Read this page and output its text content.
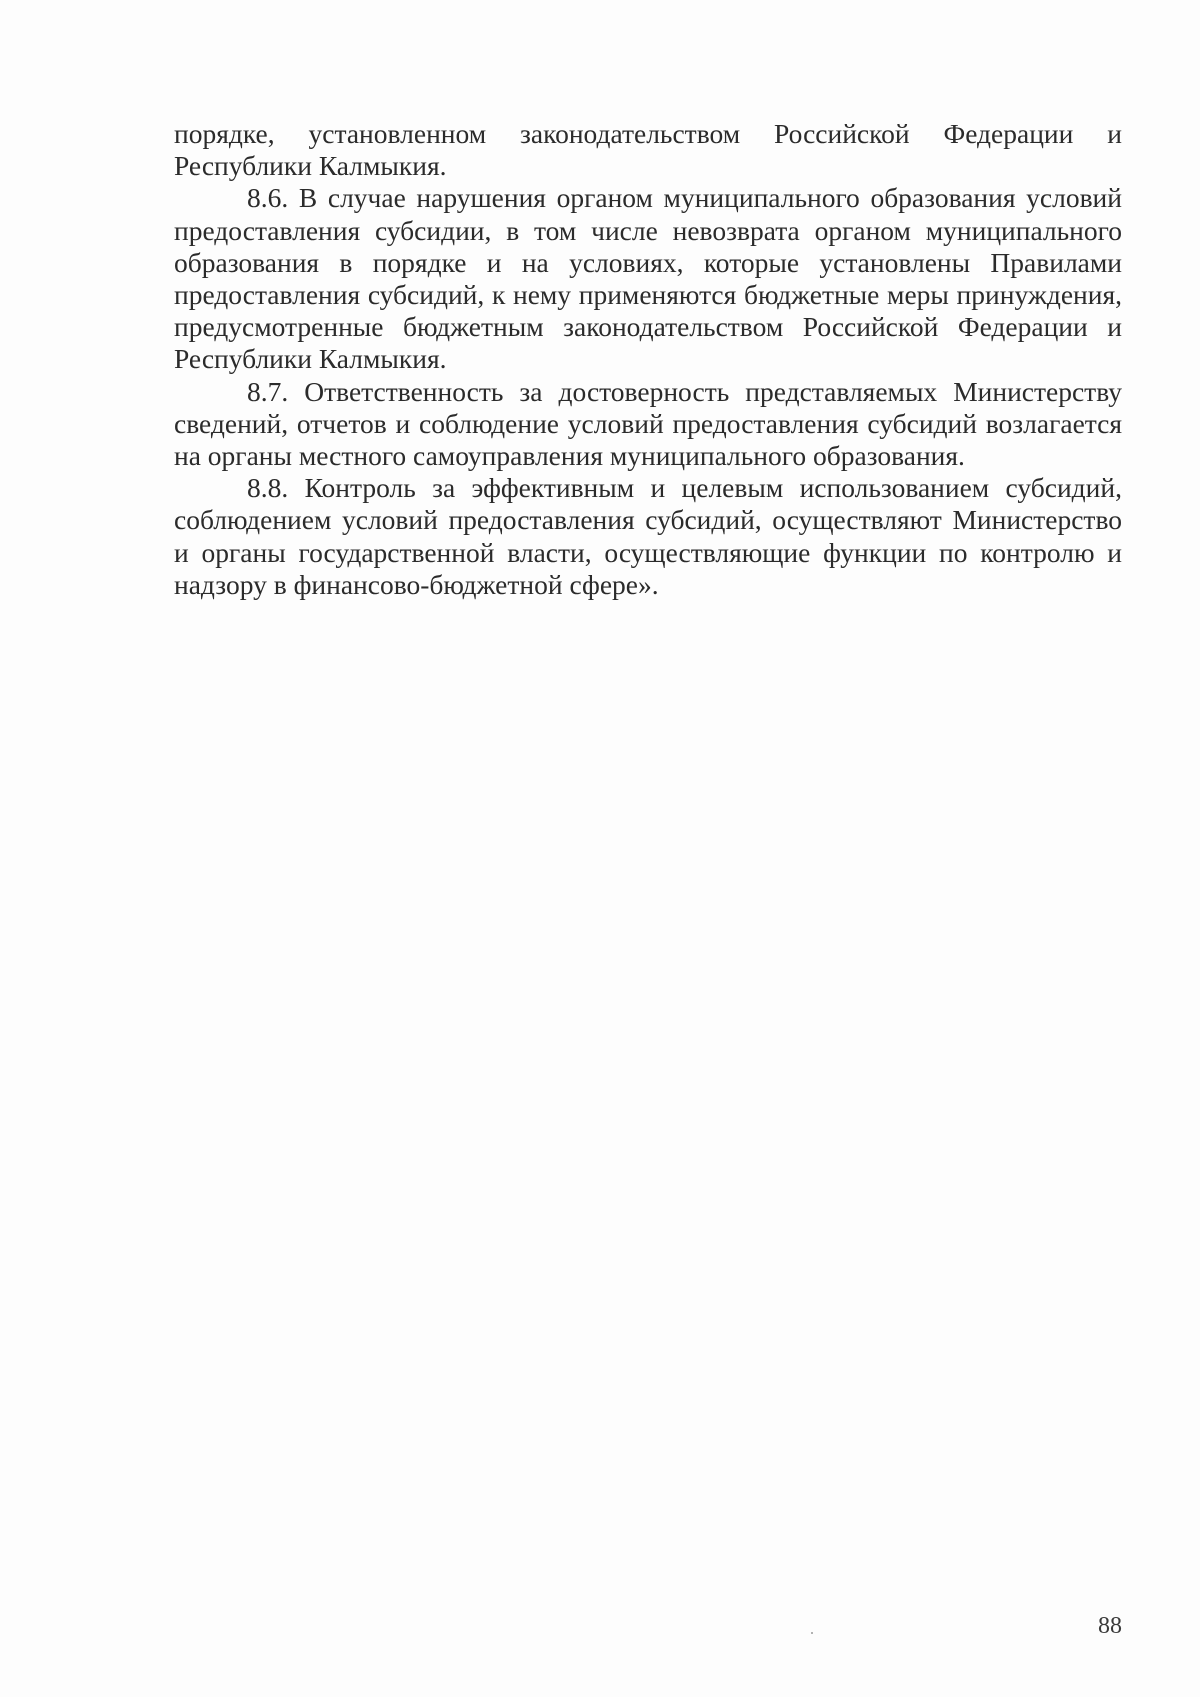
порядке, установленном законодательством Российской Федерации и Республики Калмыкия.

8.6. В случае нарушения органом муниципального образования условий предоставления субсидии, в том числе невозврата органом муниципального образования в порядке и на условиях, которые установлены Правилами предоставления субсидий, к нему применяются бюджетные меры принуждения, предусмотренные бюджетным законодательством Российской Федерации и Республики Калмыкия.

8.7. Ответственность за достоверность представляемых Министерству сведений, отчетов и соблюдение условий предоставления субсидий возлагается на органы местного самоуправления муниципального образования.

8.8. Контроль за эффективным и целевым использованием субсидий, соблюдением условий предоставления субсидий, осуществляют Министерство и органы государственной власти, осуществляющие функции по контролю и надзору в финансово-бюджетной сфере».

88
